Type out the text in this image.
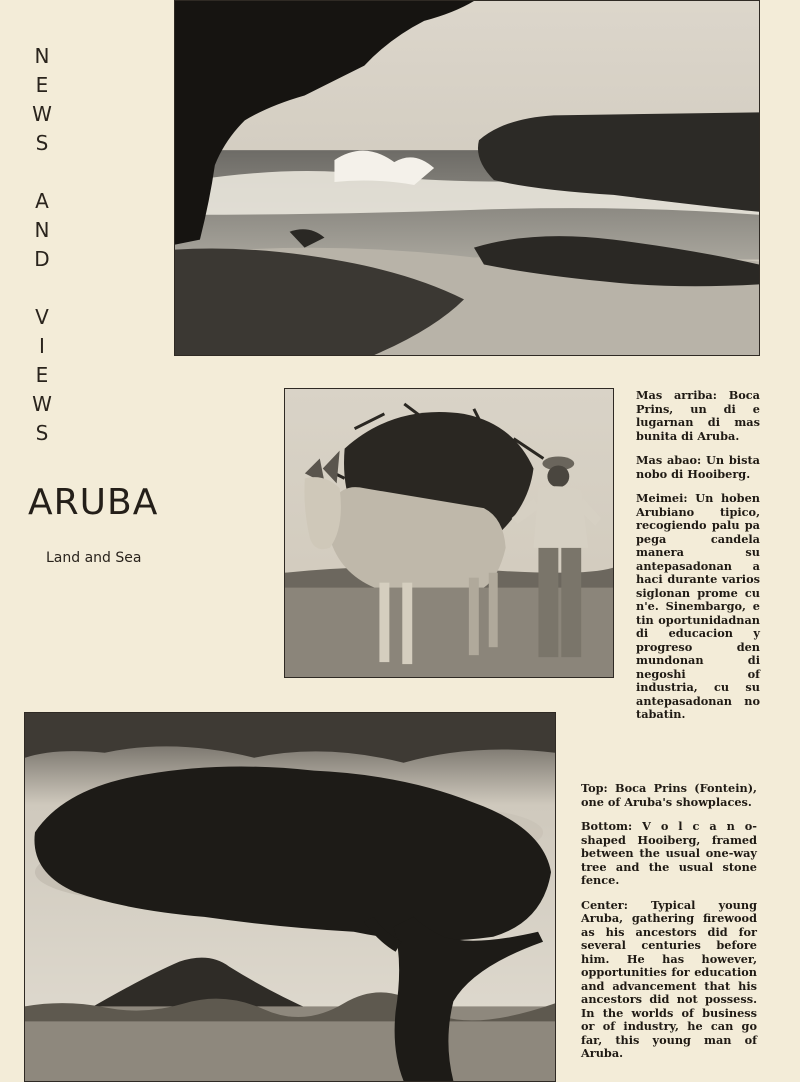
N
E
W
S

A
N
D

V
I
E
W
S
ARUBA

Land and Sea

Mas arriba: Boca Prins, un di e lugarnan di mas bunita di Aruba.

Mas abao: Un bista nobo di Hooiberg.

Meimei: Un hoben Arubiano tipico, recogiendo palu pa pega candela manera su antepasadonan a haci durante varios siglonan prome cu n'e. Sinembargo, e tin oportunidadnan di educacion y progreso den mundonan di negoshi of industria, cu su antepasadonan no tabatin.

Top: Boca Prins (Fontein), one of Aruba's showplaces.

Bottom: V o l c a n o-shaped Hooiberg, framed between the usual one-way tree and the usual stone fence.

Center: Typical young Aruba, gathering firewood as his ancestors did for several centuries before him. He has however, opportunities for education and advancement that his ancestors did not possess. In the worlds of business or of industry, he can go far, this young man of Aruba.
